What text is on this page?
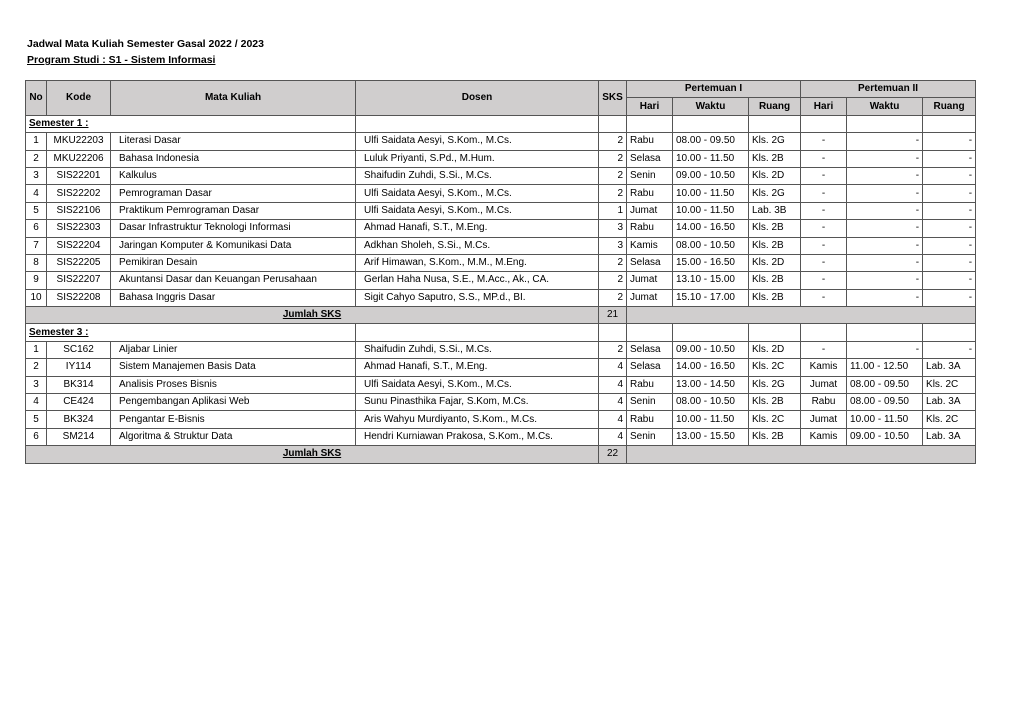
Jadwal Mata Kuliah Semester Gasal 2022 / 2023
Program Studi : S1 - Sistem Informasi
No	Kode	Mata Kuliah	Dosen	SKS	Pertemuan I			Pertemuan II		
					Hari	Waktu	Ruang	Hari	Waktu	Ruang
Semester 1 :										
1	MKU22203	Literasi Dasar	Ulfi Saidata Aesyi, S.Kom., M.Cs.	2	Rabu	08.00 - 09.50	Kls. 2G	-	-	-
2	MKU22206	Bahasa Indonesia	Luluk Priyanti, S.Pd., M.Hum.	2	Selasa	10.00 - 11.50	Kls. 2B	-	-	-
3	SIS22201	Kalkulus	Shaifudin Zuhdi, S.Si., M.Cs.	2	Senin	09.00 - 10.50	Kls. 2D	-	-	-
4	SIS22202	Pemrograman Dasar	Ulfi Saidata Aesyi, S.Kom., M.Cs.	2	Rabu	10.00 - 11.50	Kls. 2G	-	-	-
5	SIS22106	Praktikum Pemrograman Dasar	Ulfi Saidata Aesyi, S.Kom., M.Cs.	1	Jumat	10.00 - 11.50	Lab. 3B	-	-	-
6	SIS22303	Dasar Infrastruktur Teknologi Informasi	Ahmad Hanafi, S.T., M.Eng.	3	Rabu	14.00 - 16.50	Kls. 2B	-	-	-
7	SIS22204	Jaringan Komputer & Komunikasi Data	Adkhan Sholeh, S.Si., M.Cs.	3	Kamis	08.00 - 10.50	Kls. 2B	-	-	-
8	SIS22205	Pemikiran Desain	Arif Himawan, S.Kom., M.M., M.Eng.	2	Selasa	15.00 - 16.50	Kls. 2D	-	-	-
9	SIS22207	Akuntansi Dasar dan Keuangan Perusahaan	Gerlan Haha Nusa, S.E., M.Acc., Ak., CA.	2	Jumat	13.10 - 15.00	Kls. 2B	-	-	-
10	SIS22208	Bahasa Inggris Dasar	Sigit Cahyo Saputro, S.S., MP.d., BI.	2	Jumat	15.10 - 17.00	Kls. 2B	-	-	-
Jumlah SKS				21						
Semester 3 :										
1	SC162	Aljabar Linier	Shaifudin Zuhdi, S.Si., M.Cs.	2	Selasa	09.00 - 10.50	Kls. 2D	-	-	-
2	IY114	Sistem Manajemen Basis Data	Ahmad Hanafi, S.T., M.Eng.	4	Selasa	14.00 - 16.50	Kls. 2C	Kamis	11.00 - 12.50	Lab. 3A
3	BK314	Analisis Proses Bisnis	Ulfi Saidata Aesyi, S.Kom., M.Cs.	4	Rabu	13.00 - 14.50	Kls. 2G	Jumat	08.00 - 09.50	Kls. 2C
4	CE424	Pengembangan Aplikasi Web	Sunu Pinasthika Fajar, S.Kom, M.Cs.	4	Senin	08.00 - 10.50	Kls. 2B	Rabu	08.00 - 09.50	Lab. 3A
5	BK324	Pengantar E-Bisnis	Aris Wahyu Murdiyanto, S.Kom., M.Cs.	4	Rabu	10.00 - 11.50	Kls. 2C	Jumat	10.00 - 11.50	Kls. 2C
6	SM214	Algoritma & Struktur Data	Hendri Kurniawan Prakosa, S.Kom., M.Cs.	4	Senin	13.00 - 15.50	Kls. 2B	Kamis	09.00 - 10.50	Lab. 3A
Jumlah SKS				22						
